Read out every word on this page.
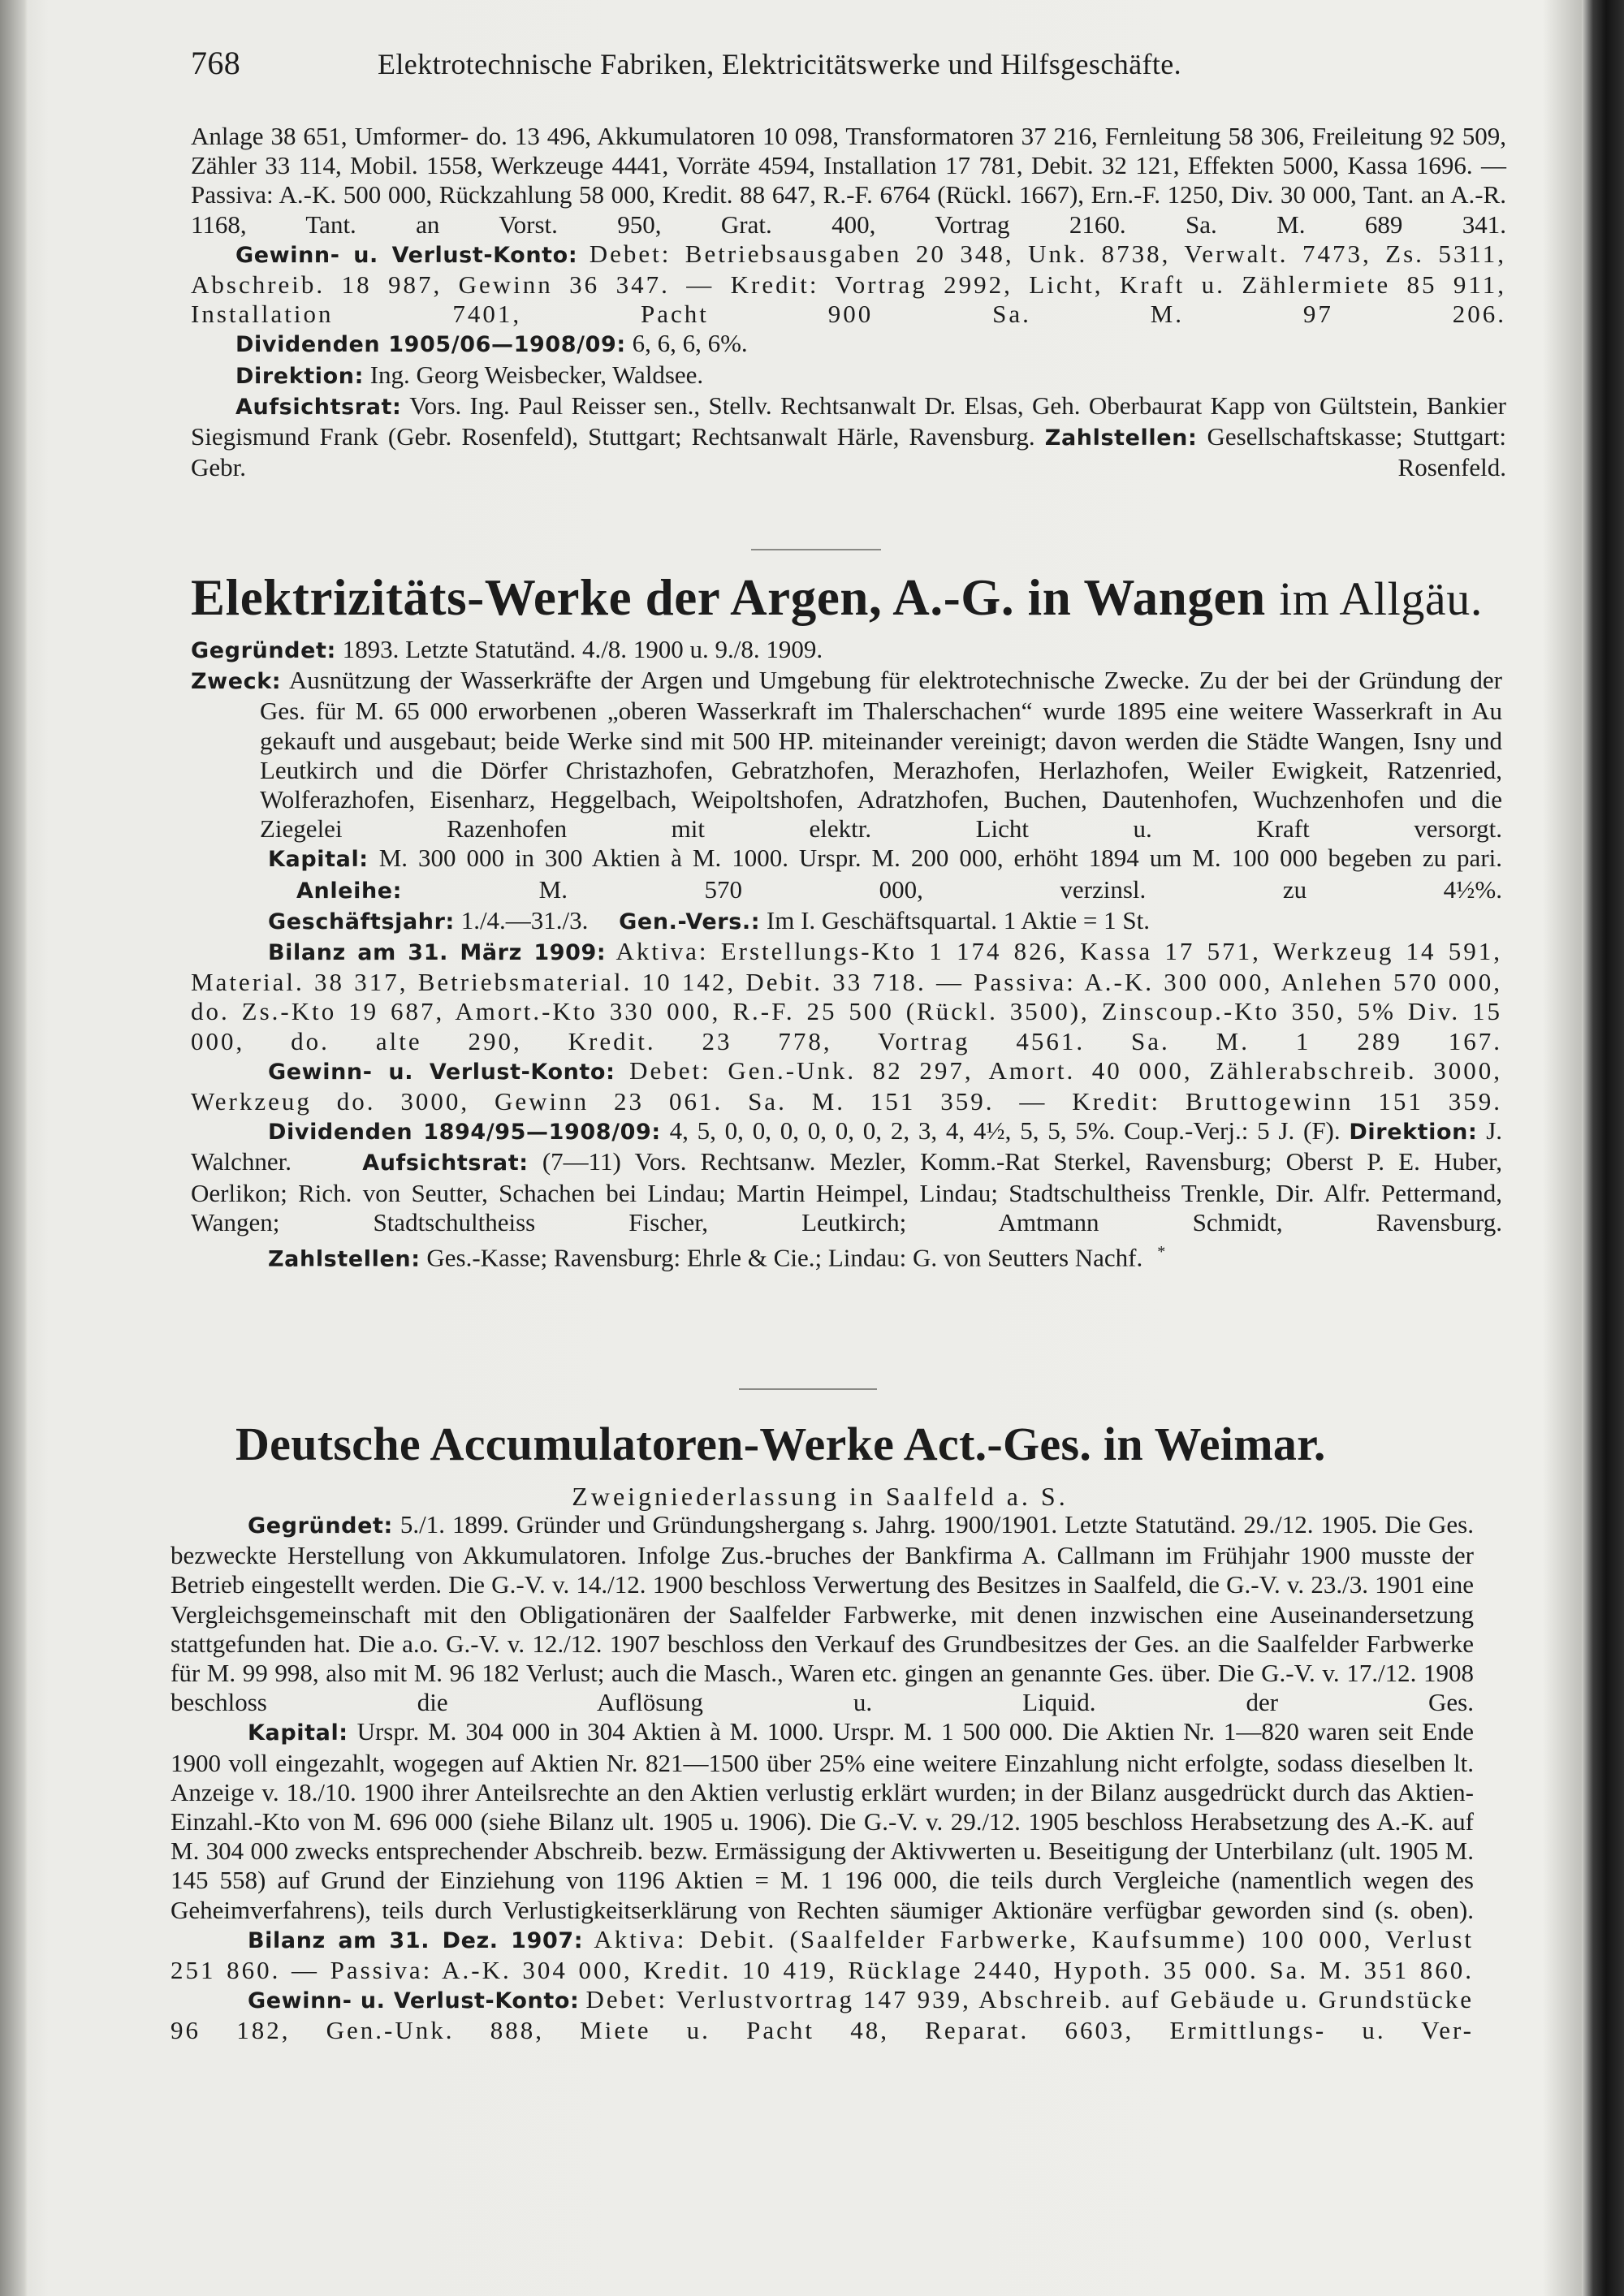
768	Elektrotechnische Fabriken, Elektricitätswerke und Hilfsgeschäfte.

Anlage 38 651, Umformer- do. 13 496, Akkumulatoren 10 098, Transformatoren 37 216, Fernleitung 58 306, Freileitung 92 509, Zähler 33 114, Mobil. 1558, Werkzeuge 4441, Vorräte 4594, Installation 17 781, Debit. 32 121, Effekten 5000, Kassa 1696. — Passiva: A.-K. 500 000, Rückzahlung 58 000, Kredit. 88 647, R.-F. 6764 (Rückl. 1667), Ern.-F. 1250, Div. 30 000, Tant. an A.-R. 1168, Tant. an Vorst. 950, Grat. 400, Vortrag 2160. Sa. M. 689 341.

Gewinn- u. Verlust-Konto: Debet: Betriebsausgaben 20 348, Unk. 8738, Verwalt. 7473, Zs. 5311, Abschreib. 18 987, Gewinn 36 347. — Kredit: Vortrag 2992, Licht, Kraft u. Zählermiete 85 911, Installation 7401, Pacht 900 Sa. M. 97 206.

Dividenden 1905/06—1908/09: 6, 6, 6, 6%.

Direktion: Ing. Georg Weisbecker, Waldsee.

Aufsichtsrat: Vors. Ing. Paul Reisser sen., Stellv. Rechtsanwalt Dr. Elsas, Geh. Oberbaurat Kapp von Gültstein, Bankier Siegismund Frank (Gebr. Rosenfeld), Stuttgart; Rechtsanwalt Härle, Ravensburg. Zahlstellen: Gesellschaftskasse; Stuttgart: Gebr. Rosenfeld.

Elektrizitäts-Werke der Argen, A.-G. in Wangen im Allgäu.

Gegründet: 1893. Letzte Statutänd. 4./8. 1900 u. 9./8. 1909.

Zweck: Ausnützung der Wasserkräfte der Argen und Umgebung für elektrotechnische Zwecke. Zu der bei der Gründung der Ges. für M. 65 000 erworbenen „oberen Wasserkraft im Thalerschachen“ wurde 1895 eine weitere Wasserkraft in Au gekauft und ausgebaut; beide Werke sind mit 500 HP. miteinander vereinigt; davon werden die Städte Wangen, Isny und Leutkirch und die Dörfer Christazhofen, Gebratzhofen, Merazhofen, Herlazhofen, Weiler Ewigkeit, Ratzenried, Wolferazhofen, Eisenharz, Heggelbach, Weipoltshofen, Adratzhofen, Buchen, Dautenhofen, Wuchzenhofen und die Ziegelei Razenhofen mit elektr. Licht u. Kraft versorgt.

Kapital: M. 300 000 in 300 Aktien à M. 1000. Urspr. M. 200 000, erhöht 1894 um M. 100 000 begeben zu pari. Anleihe:	M. 570 000, verzinsl. zu 4½%.

Geschäftsjahr: 1./4.—31./3. Gen.-Vers.: Im I. Geschäftsquartal. 1 Aktie = 1 St.

Bilanz am 31. März 1909: Aktiva: Erstellungs-Kto 1 174 826, Kassa 17 571, Werkzeug 14 591, Material. 38 317, Betriebsmaterial. 10 142, Debit. 33 718. — Passiva: A.-K. 300 000, Anlehen 570 000, do. Zs.-Kto 19 687, Amort.-Kto 330 000, R.-F. 25 500 (Rückl. 3500), Zinscoup.-Kto 350, 5% Div. 15 000, do. alte 290, Kredit. 23 778, Vortrag 4561. Sa. M. 1 289 167.

Gewinn- u. Verlust-Konto: Debet: Gen.-Unk. 82 297, Amort. 40 000, Zählerabschreib. 3000, Werkzeug do. 3000, Gewinn 23 061. Sa. M. 151 359. — Kredit: Bruttogewinn 151 359.

Dividenden 1894/95—1908/09: 4, 5, 0, 0, 0, 0, 0, 0, 2, 3, 4, 4½, 5, 5, 5%. Coup.-Verj.: 5 J. (F). Direktion: J. Walchner.	Aufsichtsrat: (7—11) Vors. Rechtsanw. Mezler, Komm.-Rat Sterkel, Ravensburg; Oberst P. E. Huber, Oerlikon; Rich. von Seutter, Schachen bei Lindau; Martin Heimpel, Lindau; Stadtschultheiss Trenkle, Dir. Alfr. Pettermand, Wangen; Stadtschultheiss Fischer, Leutkirch; Amtmann Schmidt, Ravensburg.

Zahlstellen: Ges.-Kasse; Ravensburg: Ehrle & Cie.; Lindau: G. von Seutters Nachf. *

Deutsche Accumulatoren-Werke Act.-Ges. in Weimar.
Zweigniederlassung in Saalfeld a. S.

Gegründet: 5./1. 1899. Gründer und Gründungshergang s. Jahrg. 1900/1901. Letzte Statutänd. 29./12. 1905. Die Ges. bezweckte Herstellung von Akkumulatoren. Infolge Zus.-bruches der Bankfirma A. Callmann im Frühjahr 1900 musste der Betrieb eingestellt werden. Die G.-V. v. 14./12. 1900 beschloss Verwertung des Besitzes in Saalfeld, die G.-V. v. 23./3. 1901 eine Vergleichsgemeinschaft mit den Obligationären der Saalfelder Farbwerke, mit denen inzwischen eine Auseinandersetzung stattgefunden hat. Die a.o. G.-V. v. 12./12. 1907 beschloss den Verkauf des Grundbesitzes der Ges. an die Saalfelder Farbwerke für M. 99 998, also mit M. 96 182 Verlust; auch die Masch., Waren etc. gingen an genannte Ges. über. Die G.-V. v. 17./12. 1908 beschloss die Auflösung u. Liquid. der Ges.

Kapital: Urspr. M. 304 000 in 304 Aktien à M. 1000. Urspr. M. 1 500 000. Die Aktien Nr. 1—820 waren seit Ende 1900 voll eingezahlt, wogegen auf Aktien Nr. 821—1500 über 25% eine weitere Einzahlung nicht erfolgte, sodass dieselben lt. Anzeige v. 18./10. 1900 ihrer Anteilsrechte an den Aktien verlustig erklärt wurden; in der Bilanz ausgedrückt durch das Aktien-Einzahl.-Kto von M. 696 000 (siehe Bilanz ult. 1905 u. 1906). Die G.-V. v. 29./12. 1905 beschloss Herabsetzung des A.-K. auf M. 304 000 zwecks entsprechender Abschreib. bezw. Ermässigung der Aktivwerten u. Beseitigung der Unterbilanz (ult. 1905 M. 145 558) auf Grund der Einziehung von 1196 Aktien = M. 1 196 000, die teils durch Vergleiche (namentlich wegen des Geheimverfahrens), teils durch Verlustigkeitserklärung von Rechten säumiger Aktionäre verfügbar geworden sind (s. oben).

Bilanz am 31. Dez. 1907: Aktiva: Debit. (Saalfelder Farbwerke, Kaufsumme) 100 000, Verlust 251 860. — Passiva: A.-K. 304 000, Kredit. 10 419, Rücklage 2440, Hypoth. 35 000. Sa. M. 351 860.

Gewinn- u. Verlust-Konto: Debet: Verlustvortrag 147 939, Abschreib. auf Gebäude u. Grundstücke 96 182, Gen.-Unk. 888, Miete u. Pacht 48, Reparat. 6603, Ermittlungs- u. Ver-
